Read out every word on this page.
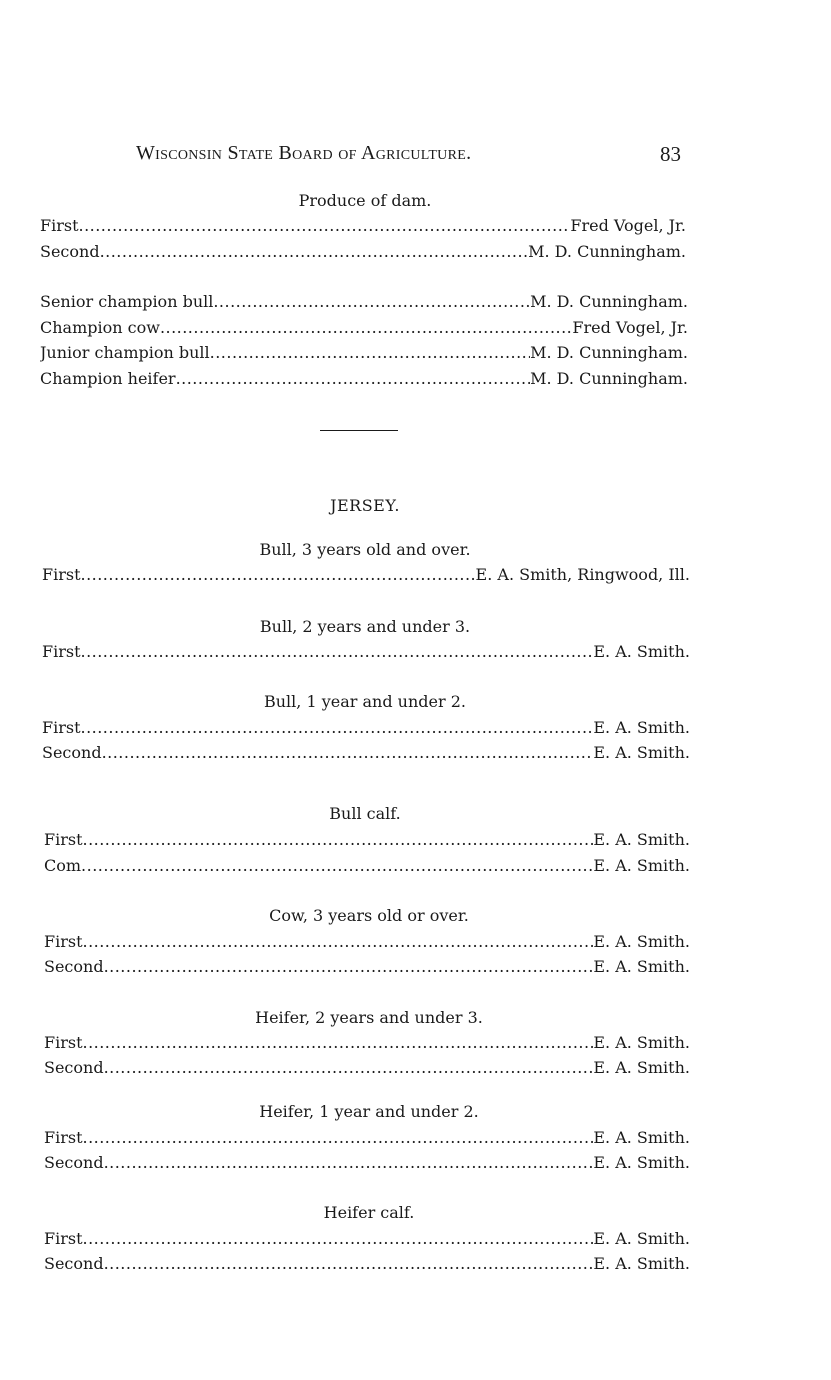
Wisconsin State Board of Agriculture.	83
Produce of dam.
First . . .	Fred Vogel, Jr.
Second . . .	M. D. Cunningham.
Senior champion bull . . .	M. D. Cunningham.
Champion cow . . .	Fred Vogel, Jr.
Junior champion bull . . .	M. D. Cunningham.
Champion heifer . . .	M. D. Cunningham.
JERSEY.
Bull, 3 years old and over.
First . . .	E. A. Smith, Ringwood, Ill.
Bull, 2 years and under 3.
First . . .	E. A. Smith.
Bull, 1 year and under 2.
First . . .	E. A. Smith.
Second . . .	E. A. Smith.
Bull calf.
First . . .	E. A. Smith.
Com . . .	E. A. Smith.
Cow, 3 years old or over.
First . . .	E. A. Smith.
Second . . .	E. A. Smith.
Heifer, 2 years and under 3.
First . . .	E. A. Smith.
Second . . .	E. A. Smith.
Heifer, 1 year and under 2.
First . . .	E. A. Smith.
Second . . .	E. A. Smith.
Heifer calf.
First . . .	E. A. Smith.
Second . . .	E. A. Smith.
